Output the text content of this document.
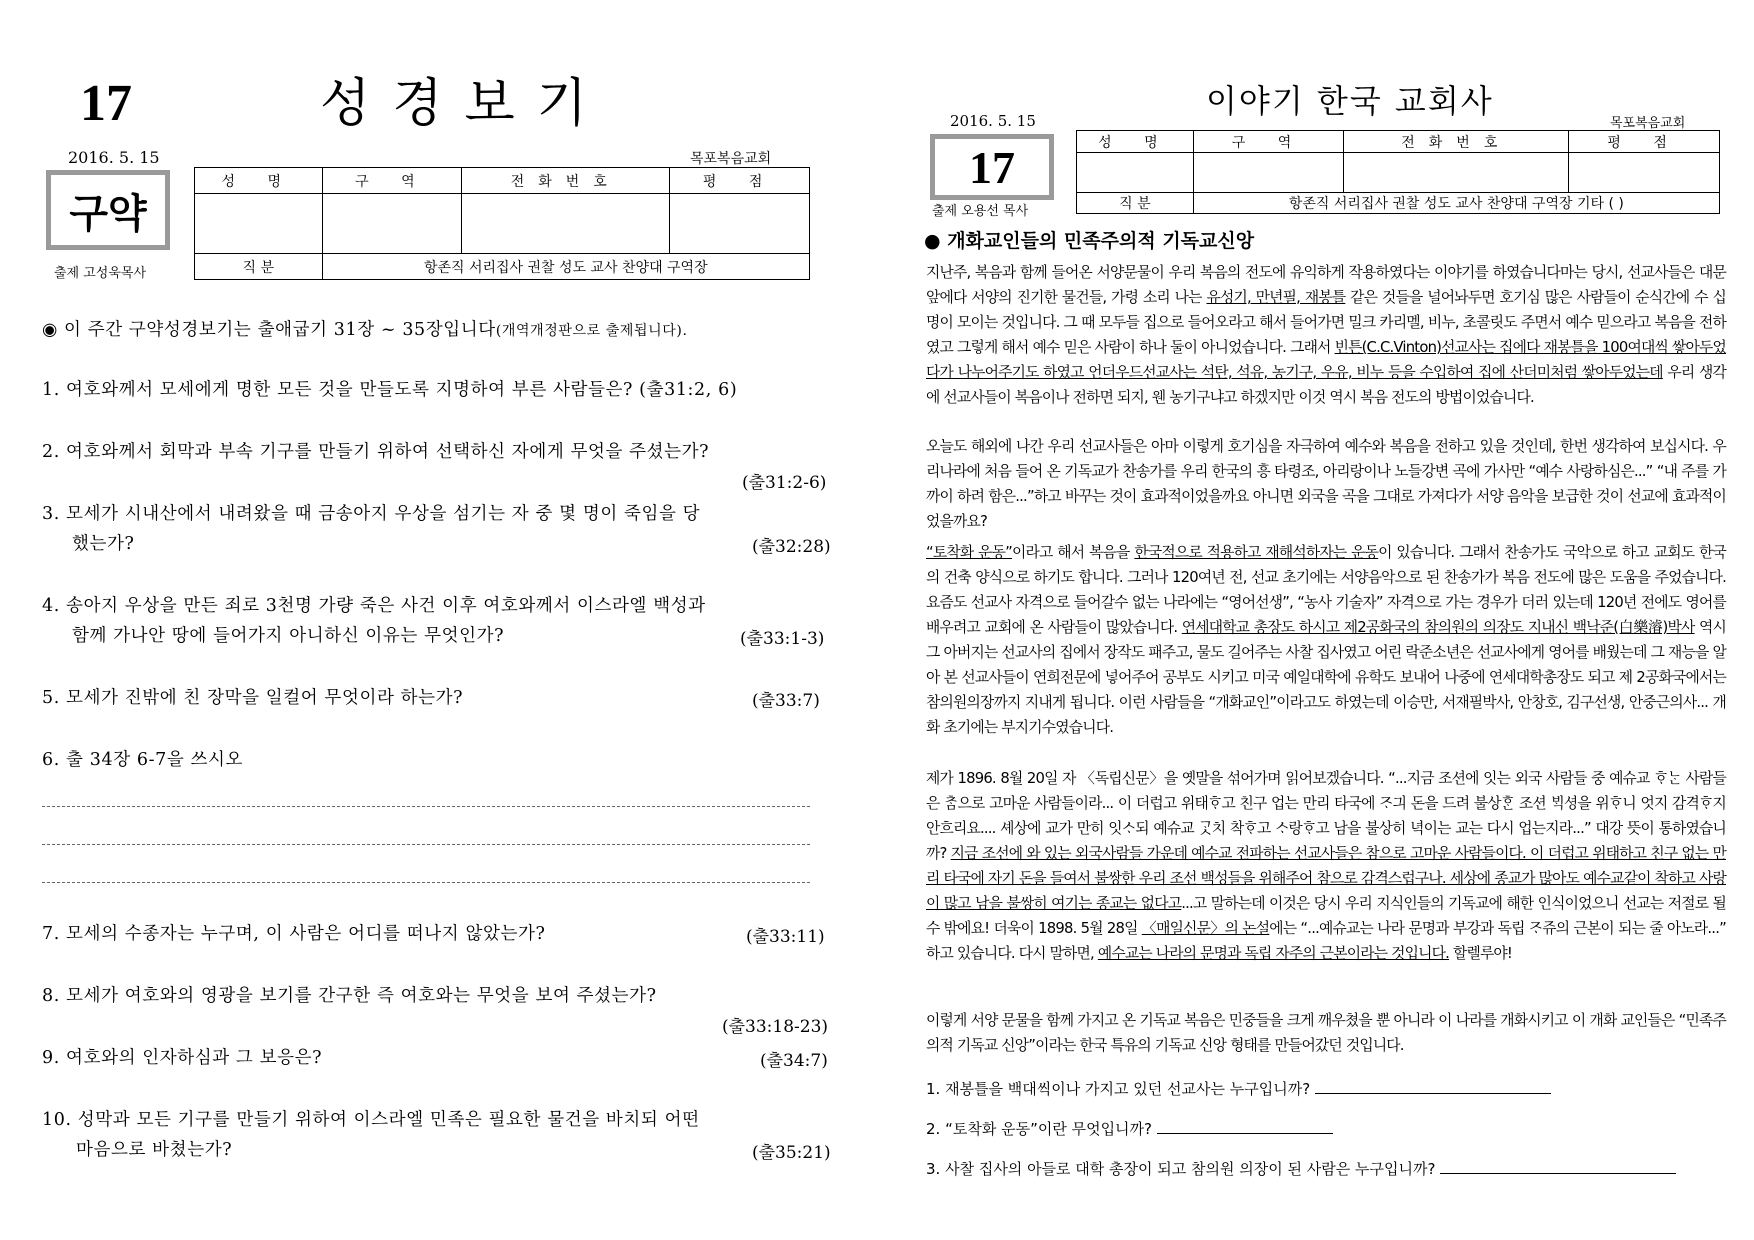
17	성경보기
2016. 5. 15	목포복음교회
구약
출제 고성욱목사
성 명	구 역	전화번호	평 점

직 분	항존직 서리집사 권찰 성도 교사 찬양대 구역장		
◉ 이 주간 구약성경보기는 출애굽기 31장 ~ 35장입니다(개역개정판으로 출제됩니다).
1. 여호와께서 모세에게 명한 모든 것을 만들도록 지명하여 부른 사람들은? (출31:2, 6)
2. 여호와께서 회막과 부속 기구를 만들기 위하여 선택하신 자에게 무엇을 주셨는가?
(출31:2-6)
3. 모세가 시내산에서 내려왔을 때 금송아지 우상을 섬기는 자 중 몇 명이 죽임을 당
했는가?	(출32:28)
4. 송아지 우상을 만든 죄로 3천명 가량 죽은 사건 이후 여호와께서 이스라엘 백성과
함께 가나안 땅에 들어가지 아니하신 이유는 무엇인가?	(출33:1-3)
5. 모세가 진밖에 친 장막을 일컬어 무엇이라 하는가?	(출33:7)
6. 출 34장 6-7을 쓰시오
7. 모세의 수종자는 누구며, 이 사람은 어디를 떠나지 않았는가?	(출33:11)
8. 모세가 여호와의 영광을 보기를 간구한 즉 여호와는 무엇을 보여 주셨는가?
(출33:18-23)
9. 여호와의 인자하심과 그 보응은?	(출34:7)
10. 성막과 모든 기구를 만들기 위하여 이스라엘 민족은 필요한 물건을 바치되 어떤
마음으로 바쳤는가?	(출35:21)
이야기 한국 교회사
2016. 5. 15	목포복음교회
17
출제 오용선 목사
성 명	구 역	전화번호	평 점

직 분	항존직 서리집사 권찰 성도 교사 찬양대 구역장 기타 ( )		
● 개화교인들의 민족주의적 기독교신앙
지난주, 복음과 함께 들어온 서양문물이 우리 복음의 전도에 유익하게 작용하였다는 이야기를 하였습니다마는 당시, 선교사들은 대문 앞에다 서양의 진기한 물건들, 가령 소리 나는 유성기, 만년필, 재봉틀 같은 것들을 널어놔두면 호기심 많은 사람들이 순식간에 수 십 명이 모이는 것입니다. 그 때 모두들 집으로 들어오라고 해서 들어가면 밀크 카리멜, 비누, 초콜릿도 주면서 예수 믿으라고 복음을 전하였고 그렇게 해서 예수 믿은 사람이 하나 둘이 아니었습니다. 그래서 빈튼(C.C.Vinton)선교사는 집에다 재봉틀을 100여대씩 쌓아두었다가 나누어주기도 하였고 언더우드선교사는 석탄, 석유, 농기구, 우유, 비누 등을 수입하여 집에 산더미처럼 쌓아두었는데 우리 생각에 선교사들이 복음이나 전하면 되지, 웬 농기구냐고 하겠지만 이것 역시 복음 전도의 방법이었습니다.
오늘도 해외에 나간 우리 선교사들은 아마 이렇게 호기심을 자극하여 예수와 복음을 전하고 있을 것인데, 한번 생각하여 보십시다. 우리나라에 처음 들어 온 기독교가 찬송가를 우리 한국의 흥 타령조, 아리랑이나 노들강변 곡에 가사만 “예수 사랑하심은...” “내 주를 가까이 하려 함은...”하고 바꾸는 것이 효과적이었을까요 아니면 외국을 곡을 그대로 가져다가 서양 음악을 보급한 것이 선교에 효과적이었을까요?
“토착화 운동”이라고 해서 복음을 한국적으로 적용하고 재해석하자는 운동이 있습니다. 그래서 찬송가도 국악으로 하고 교회도 한국의 건축 양식으로 하기도 합니다. 그러나 120여년 전, 선교 초기에는 서양음악으로 된 찬송가가 복음 전도에 많은 도움을 주었습니다. 요즘도 선교사 자격으로 들어갈수 없는 나라에는 “영어선생”, “농사 기술자” 자격으로 가는 경우가 더러 있는데 120년 전에도 영어를 배우려고 교회에 온 사람들이 많았습니다. 연세대학교 총장도 하시고 제2공화국의 참의원의 의장도 지내신 백낙준(白樂濬)박사 역시 그 아버지는 선교사의 집에서 장작도 패주고, 물도 길어주는 사찰 집사였고 어린 락준소년은 선교사에게 영어를 배웠는데 그 재능을 알아 본 선교사들이 연희전문에 넣어주어 공부도 시키고 미국 예일대학에 유학도 보내어 나중에 연세대학총장도 되고 제 2공화국에서는 참의원의장까지 지내게 됩니다. 이런 사람들을 “개화교인”이라고도 하였는데 이승만, 서재필박사, 안창호, 김구선생, 안중근의사... 개화 초기에는 부지기수였습니다.
제가 1896. 8월 20일 자 〈독립신문〉을 옛말을 섞어가며 읽어보겠습니다. “...지금 조션에 잇는 외국 사람들 중 예슈교 ᄒᆞᄂᆞᆫ 사람들은 ᄎᆞᆷ으로 고마운 사람들이라... 이 더럽고 위태ᄒᆞ고 친구 업는 만리 타국에 ᄌᆞ긔 돈을 드려 불상ᄒᆞᆫ 조션 ᄇᆡᆨ셩을 위ᄒᆞ니 엇지 감격ᄒᆞ지 안흐리요.... 셰상에 교가 만히 잇ᄉᆞ되 예슈교 ᄀᆞᆺ치 착ᄒᆞ고 ᄉᆞ랑ᄒᆞ고 남을 불상히 녁이는 교는 다시 업는지라...” 대강 뜻이 통하였습니까? 지금 조선에 와 있는 외국사람들 가운데 예수교 전파하는 선교사들은 참으로 고마운 사람들이다. 이 더럽고 위태하고 친구 없는 만리 타국에 자기 돈을 들여서 불쌍한 우리 조선 백성들을 위해주어 참으로 감격스럽구나. 세상에 종교가 많아도 예수교같이 착하고 사랑이 많고 남을 불쌍히 여기는 종교는 없다고...고 말하는데 이것은 당시 우리 지식인들의 기독교에 해한 인식이었으니 선교는 저절로 될 수 밖에요! 더욱이 1898. 5월 28일 〈매일신문〉의 논설에는 “...예슈교는 나라 문명과 부강과 독립 ᄌᆞ쥬의 근본이 되는 줄 아노라...” 하고 있습니다. 다시 말하면, 예수교는 나라의 문명과 독립 자주의 근본이라는 것입니다. 할렐루야!
이렇게 서양 문물을 함께 가지고 온 기독교 복음은 민중들을 크게 깨우쳤을 뿐 아니라 이 나라를 개화시키고 이 개화 교인들은 “민족주의적 기독교 신앙”이라는 한국 특유의 기독교 신앙 형태를 만들어갔던 것입니다.
1. 재봉틀을 백대씩이나 가지고 있던 선교사는 누구입니까?
2. “토착화 운동”이란 무엇입니까?
3. 사찰 집사의 아들로 대학 총장이 되고 참의원 의장이 된 사람은 누구입니까?
